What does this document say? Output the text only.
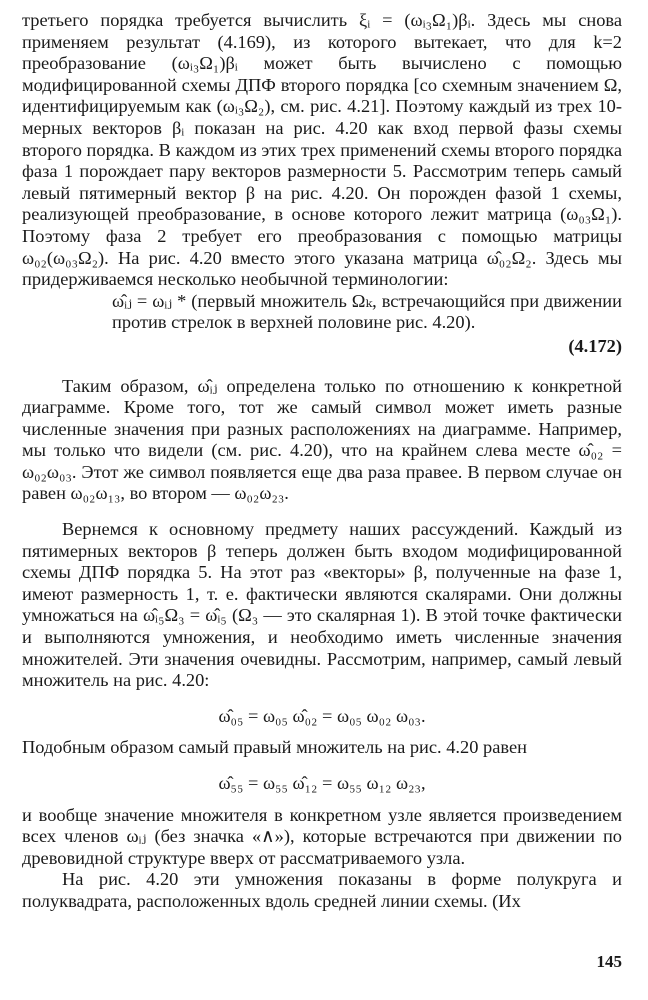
третьего порядка требуется вычислить ξᵢ = (ωᵢ₃Ω₁)βᵢ. Здесь мы снова применяем результат (4.169), из которого вытекает, что для k=2 преобразование (ωᵢ₃Ω₁)βᵢ может быть вычислено с помощью модифицированной схемы ДПФ второго порядка [со схемным значением Ω, идентифицируемым как (ωᵢ₃Ω₂), см. рис. 4.21]. Поэтому каждый из трех 10-мерных векторов βᵢ показан на рис. 4.20 как вход первой фазы схемы второго порядка. В каждом из этих трех применений схемы второго порядка фаза 1 порождает пару векторов размерности 5. Рассмотрим теперь самый левый пятимерный вектор β на рис. 4.20. Он порожден фазой 1 схемы, реализующей преобразование, в основе которого лежит матрица (ω₀₃Ω₁). Поэтому фаза 2 требует его преобразования с помощью матрицы ω₀₂(ω₀₃Ω₂). На рис. 4.20 вместо этого указана матрица ω̂₀₂Ω₂. Здесь мы придерживаемся несколько необычной терминологии:

ω̂ᵢⱼ = ωᵢⱼ * (первый множитель Ωₖ, встречающийся при движении против стрелок в верхней половине рис. 4.20).

(4.172)

Таким образом, ω̂ᵢⱼ определена только по отношению к конкретной диаграмме. Кроме того, тот же самый символ может иметь разные численные значения при разных расположениях на диаграмме. Например, мы только что видели (см. рис. 4.20), что на крайнем слева месте ω̂₀₂ = ω₀₂ω₀₃. Этот же символ появляется еще два раза правее. В первом случае он равен ω₀₂ω₁₃, во втором — ω₀₂ω₂₃.

Вернемся к основному предмету наших рассуждений. Каждый из пятимерных векторов β теперь должен быть входом модифицированной схемы ДПФ порядка 5. На этот раз «векторы» β, полученные на фазе 1, имеют размерность 1, т. е. фактически являются скалярами. Они должны умножаться на ω̂ᵢ₅Ω₃ = ω̂ᵢ₅ (Ω₃ — это скалярная 1). В этой точке фактически и выполняются умножения, и необходимо иметь численные значения множителей. Эти значения очевидны. Рассмотрим, например, самый левый множитель на рис. 4.20:

ω̂₀₅ = ω₀₅ ω̂₀₂ = ω₀₅ ω₀₂ ω₀₃.

Подобным образом самый правый множитель на рис. 4.20 равен

ω̂₅₅ = ω₅₅ ω̂₁₂ = ω₅₅ ω₁₂ ω₂₃,

и вообще значение множителя в конкретном узле является произведением всех членов ωᵢⱼ (без значка «∧»), которые встречаются при движении по древовидной структуре вверх от рассматриваемого узла.

На рис. 4.20 эти умножения показаны в форме полукруга и полуквадрата, расположенных вдоль средней линии схемы. (Их

145
